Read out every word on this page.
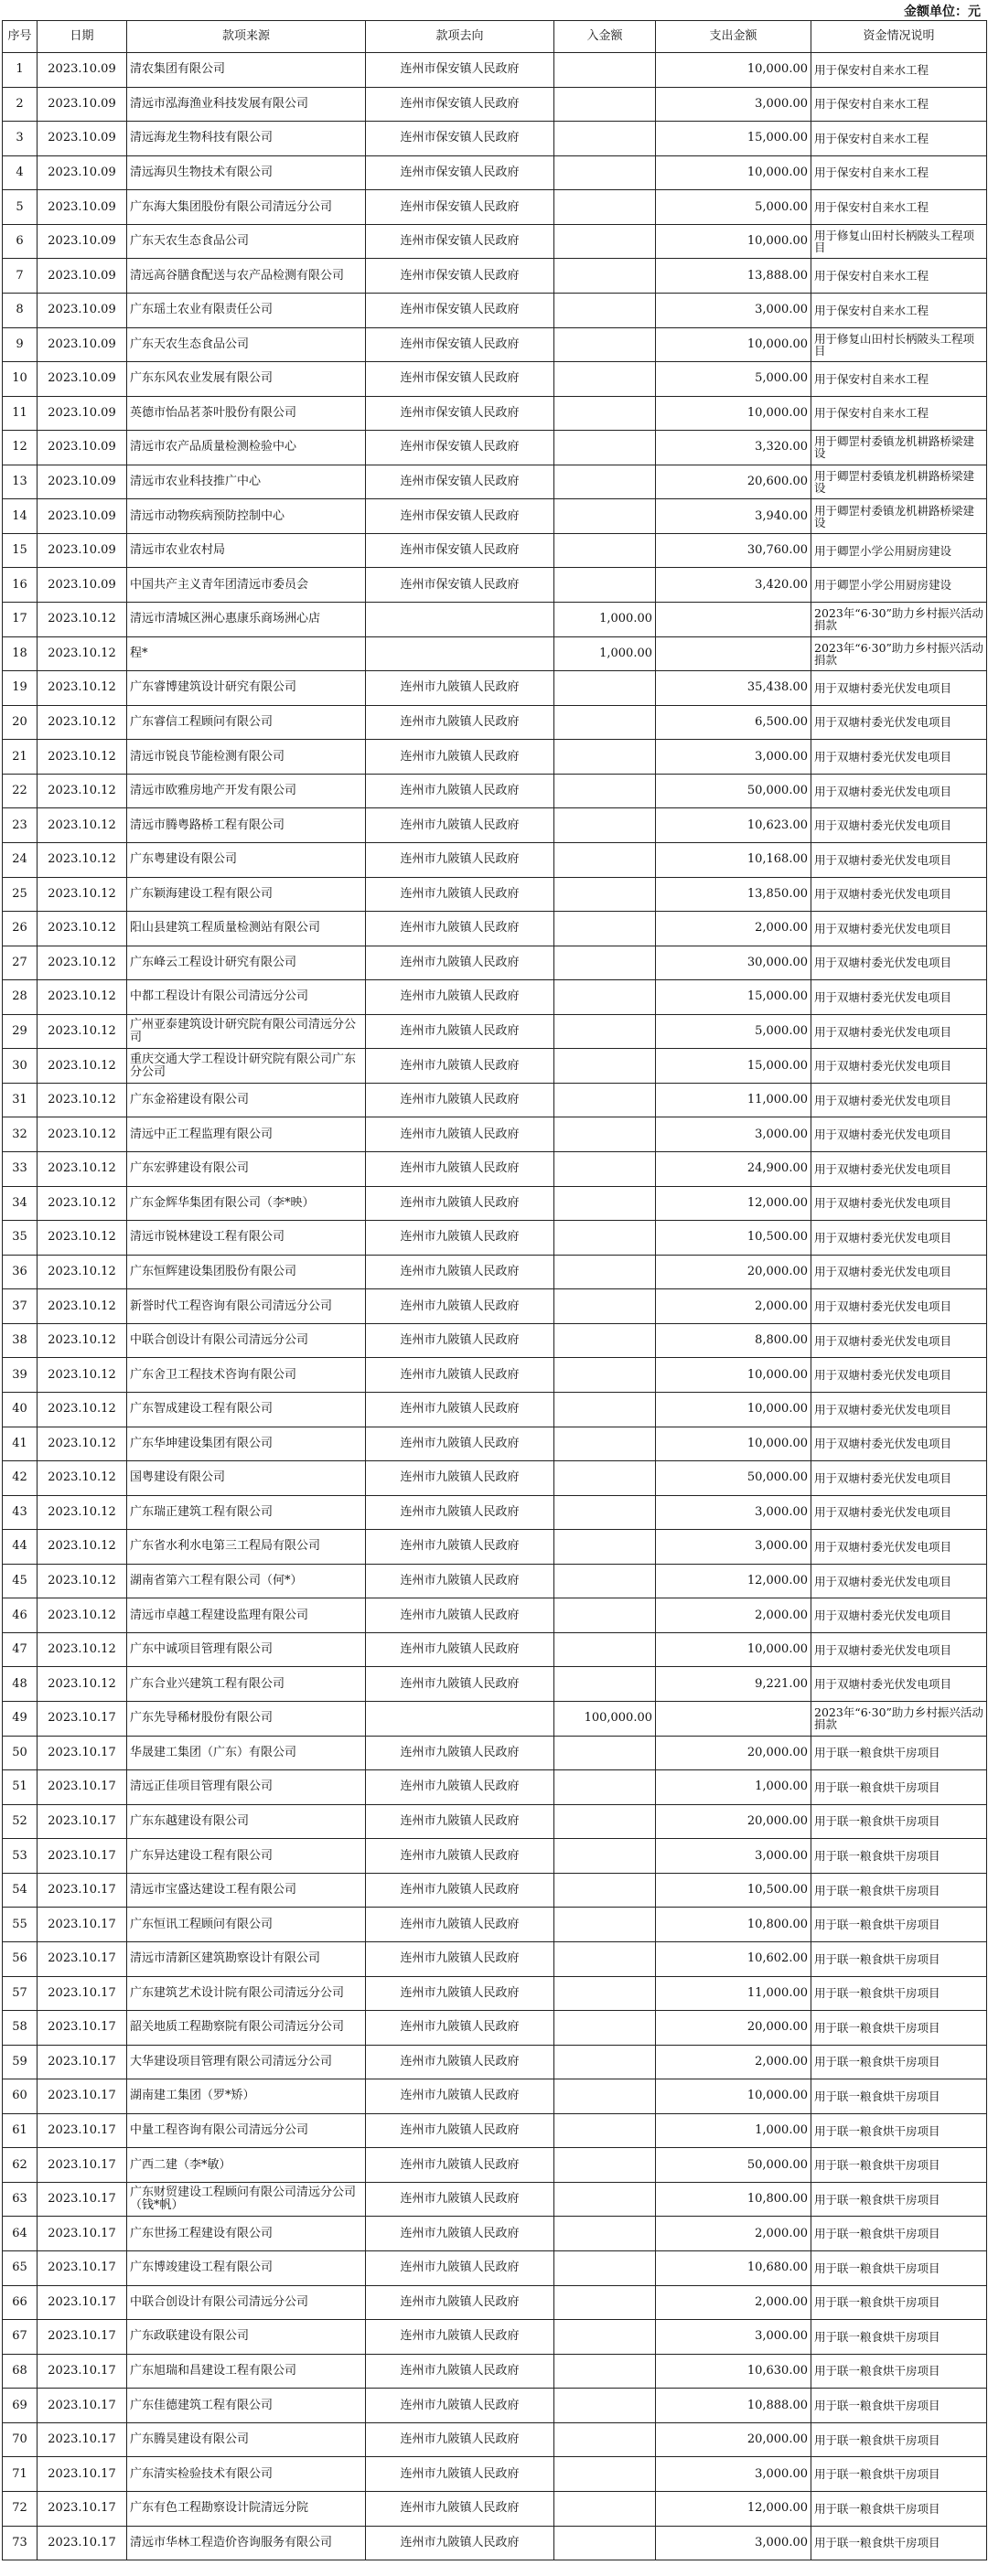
金额单位：元
序号	日期	款项来源	款项去向	入金额	支出金额	资金情况说明
1	2023.10.09	清农集团有限公司	连州市保安镇人民政府		10,000.00	用于保安村自来水工程
2	2023.10.09	清远市泓海渔业科技发展有限公司	连州市保安镇人民政府		3,000.00	用于保安村自来水工程
3	2023.10.09	清远海龙生物科技有限公司	连州市保安镇人民政府		15,000.00	用于保安村自来水工程
4	2023.10.09	清远海贝生物技术有限公司	连州市保安镇人民政府		10,000.00	用于保安村自来水工程
5	2023.10.09	广东海大集团股份有限公司清远分公司	连州市保安镇人民政府		5,000.00	用于保安村自来水工程
6	2023.10.09	广东天农生态食品公司	连州市保安镇人民政府		10,000.00	用于修复山田村长柄陂头工程项目
7	2023.10.09	清远高谷膳食配送与农产品检测有限公司	连州市保安镇人民政府		13,888.00	用于保安村自来水工程
8	2023.10.09	广东瑶土农业有限责任公司	连州市保安镇人民政府		3,000.00	用于保安村自来水工程
9	2023.10.09	广东天农生态食品公司	连州市保安镇人民政府		10,000.00	用于修复山田村长柄陂头工程项目
10	2023.10.09	广东东风农业发展有限公司	连州市保安镇人民政府		5,000.00	用于保安村自来水工程
11	2023.10.09	英德市怡品茗茶叶股份有限公司	连州市保安镇人民政府		10,000.00	用于保安村自来水工程
12	2023.10.09	清远市农产品质量检测检验中心	连州市保安镇人民政府		3,320.00	用于卿罡村委镇龙机耕路桥梁建设
13	2023.10.09	清远市农业科技推广中心	连州市保安镇人民政府		20,600.00	用于卿罡村委镇龙机耕路桥梁建设
14	2023.10.09	清远市动物疾病预防控制中心	连州市保安镇人民政府		3,940.00	用于卿罡村委镇龙机耕路桥梁建设
15	2023.10.09	清远市农业农村局	连州市保安镇人民政府		30,760.00	用于卿罡小学公用厨房建设
16	2023.10.09	中国共产主义青年团清远市委员会	连州市保安镇人民政府		3,420.00	用于卿罡小学公用厨房建设
17	2023.10.12	清远市清城区洲心惠康乐商场洲心店		1,000.00		2023年“6·30”助力乡村振兴活动捐款
18	2023.10.12	程*		1,000.00		2023年“6·30”助力乡村振兴活动捐款
19	2023.10.12	广东睿博建筑设计研究有限公司	连州市九陂镇人民政府		35,438.00	用于双塘村委光伏发电项目
20	2023.10.12	广东睿信工程顾问有限公司	连州市九陂镇人民政府		6,500.00	用于双塘村委光伏发电项目
21	2023.10.12	清远市锐良节能检测有限公司	连州市九陂镇人民政府		3,000.00	用于双塘村委光伏发电项目
22	2023.10.12	清远市欧雅房地产开发有限公司	连州市九陂镇人民政府		50,000.00	用于双塘村委光伏发电项目
23	2023.10.12	清远市腾粤路桥工程有限公司	连州市九陂镇人民政府		10,623.00	用于双塘村委光伏发电项目
24	2023.10.12	广东粤建设有限公司	连州市九陂镇人民政府		10,168.00	用于双塘村委光伏发电项目
25	2023.10.12	广东颖海建设工程有限公司	连州市九陂镇人民政府		13,850.00	用于双塘村委光伏发电项目
26	2023.10.12	阳山县建筑工程质量检测站有限公司	连州市九陂镇人民政府		2,000.00	用于双塘村委光伏发电项目
27	2023.10.12	广东峰云工程设计研究有限公司	连州市九陂镇人民政府		30,000.00	用于双塘村委光伏发电项目
28	2023.10.12	中都工程设计有限公司清远分公司	连州市九陂镇人民政府		15,000.00	用于双塘村委光伏发电项目
29	2023.10.12	广州亚泰建筑设计研究院有限公司清远分公司	连州市九陂镇人民政府		5,000.00	用于双塘村委光伏发电项目
30	2023.10.12	重庆交通大学工程设计研究院有限公司广东分公司	连州市九陂镇人民政府		15,000.00	用于双塘村委光伏发电项目
31	2023.10.12	广东金裕建设有限公司	连州市九陂镇人民政府		11,000.00	用于双塘村委光伏发电项目
32	2023.10.12	清远中正工程监理有限公司	连州市九陂镇人民政府		3,000.00	用于双塘村委光伏发电项目
33	2023.10.12	广东宏骅建设有限公司	连州市九陂镇人民政府		24,900.00	用于双塘村委光伏发电项目
34	2023.10.12	广东金辉华集团有限公司（李*映）	连州市九陂镇人民政府		12,000.00	用于双塘村委光伏发电项目
35	2023.10.12	清远市锐林建设工程有限公司	连州市九陂镇人民政府		10,500.00	用于双塘村委光伏发电项目
36	2023.10.12	广东恒辉建设集团股份有限公司	连州市九陂镇人民政府		20,000.00	用于双塘村委光伏发电项目
37	2023.10.12	新誉时代工程咨询有限公司清远分公司	连州市九陂镇人民政府		2,000.00	用于双塘村委光伏发电项目
38	2023.10.12	中联合创设计有限公司清远分公司	连州市九陂镇人民政府		8,800.00	用于双塘村委光伏发电项目
39	2023.10.12	广东舍卫工程技术咨询有限公司	连州市九陂镇人民政府		10,000.00	用于双塘村委光伏发电项目
40	2023.10.12	广东智成建设工程有限公司	连州市九陂镇人民政府		10,000.00	用于双塘村委光伏发电项目
41	2023.10.12	广东华坤建设集团有限公司	连州市九陂镇人民政府		10,000.00	用于双塘村委光伏发电项目
42	2023.10.12	国粤建设有限公司	连州市九陂镇人民政府		50,000.00	用于双塘村委光伏发电项目
43	2023.10.12	广东瑞正建筑工程有限公司	连州市九陂镇人民政府		3,000.00	用于双塘村委光伏发电项目
44	2023.10.12	广东省水利水电第三工程局有限公司	连州市九陂镇人民政府		3,000.00	用于双塘村委光伏发电项目
45	2023.10.12	湖南省第六工程有限公司（何*）	连州市九陂镇人民政府		12,000.00	用于双塘村委光伏发电项目
46	2023.10.12	清远市卓越工程建设监理有限公司	连州市九陂镇人民政府		2,000.00	用于双塘村委光伏发电项目
47	2023.10.12	广东中诚项目管理有限公司	连州市九陂镇人民政府		10,000.00	用于双塘村委光伏发电项目
48	2023.10.12	广东合业兴建筑工程有限公司	连州市九陂镇人民政府		9,221.00	用于双塘村委光伏发电项目
49	2023.10.17	广东先导稀材股份有限公司		100,000.00		2023年“6·30”助力乡村振兴活动捐款
50	2023.10.17	华晟建工集团（广东）有限公司	连州市九陂镇人民政府		20,000.00	用于联一粮食烘干房项目
51	2023.10.17	清远正佳项目管理有限公司	连州市九陂镇人民政府		1,000.00	用于联一粮食烘干房项目
52	2023.10.17	广东东越建设有限公司	连州市九陂镇人民政府		20,000.00	用于联一粮食烘干房项目
53	2023.10.17	广东异达建设工程有限公司	连州市九陂镇人民政府		3,000.00	用于联一粮食烘干房项目
54	2023.10.17	清远市宝盛达建设工程有限公司	连州市九陂镇人民政府		10,500.00	用于联一粮食烘干房项目
55	2023.10.17	广东恒讯工程顾问有限公司	连州市九陂镇人民政府		10,800.00	用于联一粮食烘干房项目
56	2023.10.17	清远市清新区建筑勘察设计有限公司	连州市九陂镇人民政府		10,602.00	用于联一粮食烘干房项目
57	2023.10.17	广东建筑艺术设计院有限公司清远分公司	连州市九陂镇人民政府		11,000.00	用于联一粮食烘干房项目
58	2023.10.17	韶关地质工程勘察院有限公司清远分公司	连州市九陂镇人民政府		20,000.00	用于联一粮食烘干房项目
59	2023.10.17	大华建设项目管理有限公司清远分公司	连州市九陂镇人民政府		2,000.00	用于联一粮食烘干房项目
60	2023.10.17	湖南建工集团（罗*矫）	连州市九陂镇人民政府		10,000.00	用于联一粮食烘干房项目
61	2023.10.17	中量工程咨询有限公司清远分公司	连州市九陂镇人民政府		1,000.00	用于联一粮食烘干房项目
62	2023.10.17	广西二建（李*敏）	连州市九陂镇人民政府		50,000.00	用于联一粮食烘干房项目
63	2023.10.17	广东财贸建设工程顾问有限公司清远分公司（钱*帆）	连州市九陂镇人民政府		10,800.00	用于联一粮食烘干房项目
64	2023.10.17	广东世扬工程建设有限公司	连州市九陂镇人民政府		2,000.00	用于联一粮食烘干房项目
65	2023.10.17	广东博竣建设工程有限公司	连州市九陂镇人民政府		10,680.00	用于联一粮食烘干房项目
66	2023.10.17	中联合创设计有限公司清远分公司	连州市九陂镇人民政府		2,000.00	用于联一粮食烘干房项目
67	2023.10.17	广东政联建设有限公司	连州市九陂镇人民政府		3,000.00	用于联一粮食烘干房项目
68	2023.10.17	广东旭瑞和昌建设工程有限公司	连州市九陂镇人民政府		10,630.00	用于联一粮食烘干房项目
69	2023.10.17	广东佳德建筑工程有限公司	连州市九陂镇人民政府		10,888.00	用于联一粮食烘干房项目
70	2023.10.17	广东腾昊建设有限公司	连州市九陂镇人民政府		20,000.00	用于联一粮食烘干房项目
71	2023.10.17	广东清实检验技术有限公司	连州市九陂镇人民政府		3,000.00	用于联一粮食烘干房项目
72	2023.10.17	广东有色工程勘察设计院清远分院	连州市九陂镇人民政府		12,000.00	用于联一粮食烘干房项目
73	2023.10.17	清远市华林工程造价咨询服务有限公司	连州市九陂镇人民政府		3,000.00	用于联一粮食烘干房项目
